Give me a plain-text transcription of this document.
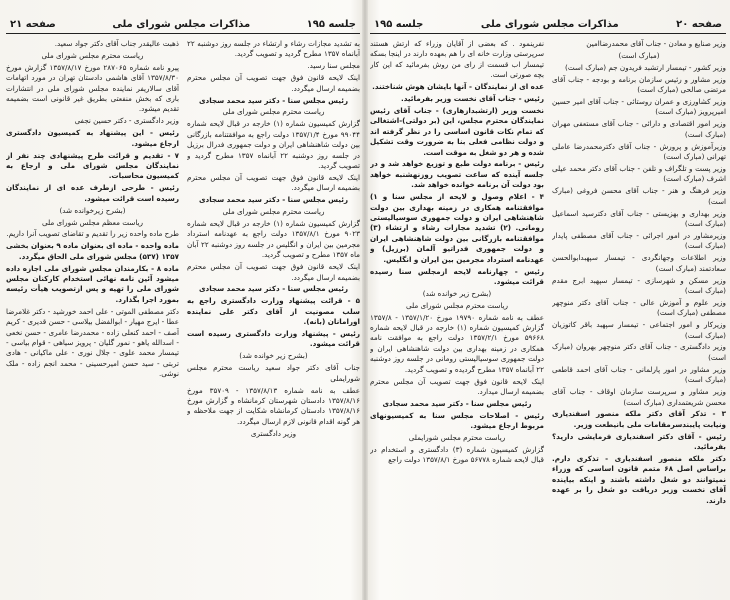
صفحه ۲۰
مذاکرات مجلس شورای ملی
جلسه ۱۹۵

وزیر صنایع و معادن - جناب آقای محمدرضاامین

(مبارک است)

وزیر کشور - تیمسار ارتشبد فریدون جم (مبارک است)

وزیر مشاور و رئیس سازمان برنامه و بودجه - جناب آقای مرتضی صالحی (مبارک است)

وزیر کشاورزی و عمران روستائی - جناب آقای امیر حسین امیرپرویز (مبارک است)

وزیر امور اقتصادی و دارائی - جناب آقای مستعفی مهران (مبارک است)

وزیرآموزش و پرورش - جناب آقای دکترمحمدرضا عاملی تهرانی (مبارک است)

وزیر پست و تلگراف و تلفن - جناب آقای دکتر محمد عیلی اشرف (مبارک است)

وزیر فرهنگ و هنر - جناب آقای محسن فروغی (مبارک است)

وزیر بهداری و بهزیستی - جناب آقای دکترسید اسماعیل (مبارک است)

وزیرمشاور در امور اجرائی - جناب آقای مصطفی پایدار (مبارک است)

وزیر اطلاعات وجهانگردی - تیمسار سپهبدابوالحسن سعادتمند (مبارک است)

وزیر مسکن و شهرسازی - تیمسار سپهبد ابرج مقدم (مبارک است)

وزیر علوم و آموزش عالی - جناب آقای دکتر منوچهر مصطفی (مبارک است)

وزیرکار و امور اجتماعی - تیمسار سپهبد باقر کاتوزیان (مبارک است)

وزیر دادگستری - جناب آقای دکتر منوچهر بهروان (مبارک است)

وزیر مشاور در امور پارلمانی - جناب آقای احمد قاطعی (مبارک است)

وزیر مشاور و سرپرست سازمان اوقاف - جناب آقای محسن شریعتمداری (مبارک است)

۳ - تذکر آقای دکتر ملکه منصور اسفندیاری ونیابت پایبندسرمقامات ملی بانیطعت وزیر.

رئیس - آقای دکتر اسفندیاری فرمایشی دارید؟ بفرمائید.

دکتر ملکه منصور اسفندیاری - تذکری دارم. براساس اصل ۶۸ متمم قانون اساسی که وزراء نمیتوانند دو شغل داشته باشند و اینکه بیاینده آقای نخست وزیر دریافت دو شغل را بر عهده دارند.

نفرینمود . که بعضی از آقایان وزراء که ارتش هستند سرپرستی وزارت خانه ای را هم بعهده دارند در اینجا بسکه تیمسار اب قسمت از رای من روش بفرمائید که این کار بچه صورتی است.

عده ای از نمایندگان - آنها بایشان هوش شناختند.

رئیس - جناب آقای نخست وزیر بفرمائید.

نخست وزیر (ارتشبدازهاری) - جناب آقای رئیس نمایندگان محترم مجلس، این (بر دولتی)-اشتغالی که تمام نکات قانون اساسی را در نظر گرفته اند و دولت نظامی فعلی بنا به ضرورت وقت تشکیل شده و هر دو شغل به موقت است.

رئیس - برنامه دولت طبع و توزیع خواهد شد و در جلسه آینده که ساعت تصویب روزنهشنبه خواهد بود دولت آن برنامه خوانده خواهد شد.

۴ - اعلام وصول و لایحه از مجلس سنا و ۱) موافقتنامه همکاری در زمینه بهداری بین دولت شاهنشاهی ایران و دولت جمهوری سوسیالیستی رومانی. (۲) تشدید مجازات رشاء و ارتشاء (۳) موافقتنامه بازرگانی بین دولت شاهنشاهی ایران و دولت جمهوری فدراتیو آلمان (برزیل) و عهدنامه استرداد مجرمین بین ایران و انگلیس.

رئیس - چهارنامه لایحه ازمجلس سنا رسیده قرائت میشود.

(بشرح زیر خوانده شد)

ریاست محترم مجلس شورای ملی

عطف به نامه شماره ۱۹۷۹۰ مورخ ۱۳۵۷/۱/۲۰ - ۱۳۵۷/۸ گزارش کمیسیون شماره (۱) خارجه در قبال لایحه شماره ۵۹۶۶۸ مورخ ۱۳۵۷/۲/۱ دولت راجع به موافقت نامه همکاری در زمینه بهداری بین دولت شاهنشاهی ایران و دولت جمهوری سوسیالیستی رومانی در جلسه روز دوشنبه ۲۲ آبانماه ۱۳۵۷ مطرح گردیده و تصویب گردید.

اینک لایحه قانون فوق جهت تصویب آن مجلس محترم بضمیمه ارسال میدارد.

رئیس مجلس سنا - دکتر سید محمد سجادی

رئیس - اصلاحات مجلس سنا به کمیسیونهای مربوط ارجاع میشود.

ریاست محترم مجلس شورایملی

گزارش کمیسیون شماره (۳) دادگستری و استخدام در قبال لایحه شماره ۵۶۷۷۸ مورخ ۱۳۵۷/۸/۱ دولت راجع

جلسه ۱۹۵
مذاکرات مجلس شورای ملی
صفحه ۲۱

به تشدید مجازات رشاء و ارتشاء در جلسه روز دوشنبه ۲۲ آبانماه ۱۳۵۷ مطرح گردید و تصویب گردید.

مجلس سنا رسید.

اینک لایحه قانون فوق جهت تصویب آن مجلس محترم بضمیمه ارسال میگردد.

رئیس مجلس سنا - دکتر سید محمد سجادی

ریاست محترم مجلس شورای ملی

گزارش کمیسیون شماره (۱) خارجه در قبال لایحه شماره ۹۹۰۴۴ مورخ ۱۳۵۷/۱/۴ دولت راجع به موافقتنامه بازرگانی بین دولت شاهنشاهی ایران و دولت جمهوری فدرال برزیل در جلسه روز دوشنبه ۲۲ آبانماه ۱۳۵۷ مطرح گردید و تصویب گردید.

اینک لایحه قانون فوق جهت تصویب آن مجلس محترم بضمیمه ارسال میگردد.

رئیس مجلس سنا - دکتر سید محمد سجادی

ریاست محترم مجلس شورای ملی

گزارش کمیسیون شماره (۱) خارجه در قبال لایحه شماره ۹۰۲۳ مورخ ۱۳۵۷/۸/۱ دولت راجع به عهدنامه استرداد مجرمین بین ایران و انگلیس در جلسه روز دوشنبه ۲۲ آبان ماه ۱۳۵۷ مطرح و تصویب گردید.

اینک لایحه قانون فوق جهت تصویب آن مجلس محترم بضمیمه ارسال میگردد.

رئیس مجلس سنا - دکتر سید محمد سجادی

۵ - قرائت پیشنهاد وزارت دادگستری راجع به سلب مصونیت از آقای دکتر علی نماینده اورامانان (بانه).

رئیس - پیشنهاد وزارت دادگستری رسیده است قرائت میشود.

(بشرح زیر خوانده شد)

جناب آقای دکتر جواد سعید ریاست محترم مجلس شورایملی

عطف به نامه شماره ۱۳۵۷/۸/۱۳ - ۳۵۷۰۹ مورخ ۱۳۵۷/۸/۱۶ دادستان شهرستان کرمانشاه و گزارش مورخ ۱۳۵۷/۸/۱۶ دادستان کرمانشاه شکایت از جهت ملاحظه و هر گونه اقدام قانونی لازم ارسال میگردد.

وزیر دادگستری

ذهبت عالیقدر جناب آقای دکتر جواد سعید.

ریاست محترم مجلس شورای ملی

پیرو نامه شماره ۲۸۷۰۶۵ مورخ ۱۳۵۷/۸/۱۷ گزارش مورخ ۱۳۵۷/۸/۳۰ آقای هاشمی دادستان تهران در مورد اتهامات آقای سالاریفر نماینده مجلس شورای ملی در انتشارات باری که بخش منفعتی بطریق غیر قانونی است بضمیمه تقدیم میشود.

وزیر دادگستری - دکتر حسین نجفی

رئیس - این پیشنهاد به کمیسیون دادگستری ارجاع میشود.

۷ - تقدیم و قرائت طرح پیشنهادی چند نفر از نمایندگان مجلس شورای ملی و ارجاع به کمیسیون محاسبات.

رئیس - طرحی ازطرف عده ای از نمایندگان رسیده است قرائت میشود.

(بشرح زیرخوانده شد)

ریاست معظم مجلس شورای ملی

طرح ماده واحده زیر را تقدیم و تقاضای تصویب آنرا داریم.

ماده واحده - ماده ای بعنوان ماده ۹ بعنوان بخشی ۱۳۵۷ (۵۳۷) مجلس شورای ملی الحاق میگردد.

ماده ۸ - بکارمندان مجلس شورای ملی اجازه داده میشود آئین نامه نهائی استخدام کارکنان مجلس شورای ملی را تهیه و پس ازتصویب هیأت رئیسه بمورد اجرا بگذارد.

دکتر مصطفی الموتی - علی احمد خورشید - دکتر غلامرضا عطا - ایرج مهیار - ابوالفضل بیلاسی - حسن قدیری - کریم آصف - احمد کنعلی زاده - محمدرضا عامری - حسن نخعی - اسدالله یاهو - نمور گلیان - پرویز سیاهی - قوام بیاسی - تیمسار محمد علوی - جلال نوری - علی ماکیانی - هادی تربتی - سید حسن امیرحسینی - محمد انجم زاده - ملک نوشی.
